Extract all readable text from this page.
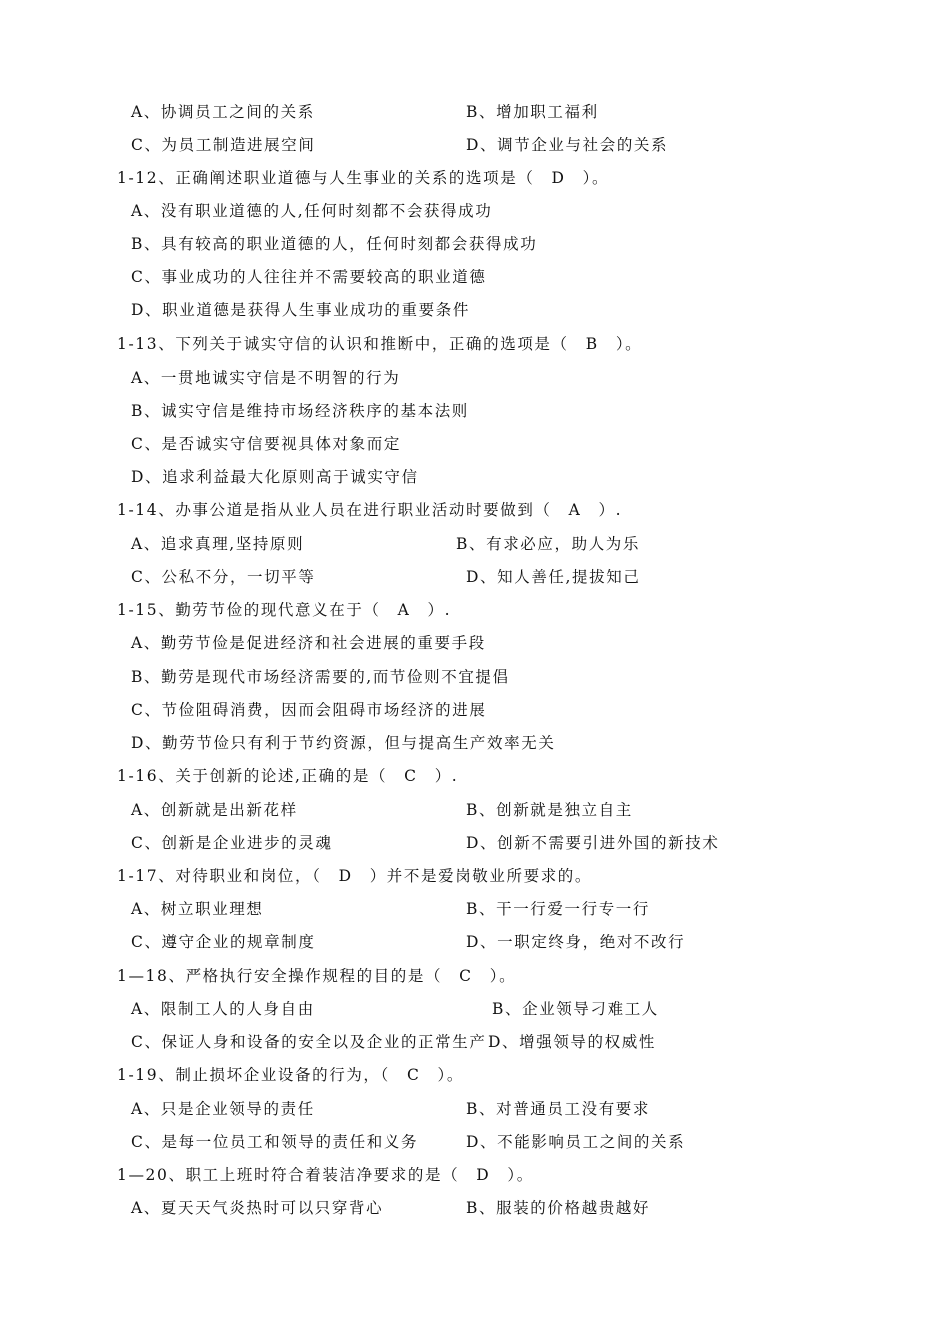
A、协调员工之间的关系	B、增加职工福利
C、为员工制造进展空间	D、调节企业与社会的关系
1-12、正确阐述职业道德与人生事业的关系的选项是（　D　）。
A、没有职业道德的人,任何时刻都不会获得成功
B、具有较高的职业道德的人，任何时刻都会获得成功
C、事业成功的人往往并不需要较高的职业道德
D、职业道德是获得人生事业成功的重要条件
1-13、下列关于诚实守信的认识和推断中，正确的选项是（　B　）。
A、一贯地诚实守信是不明智的行为
B、诚实守信是维持市场经济秩序的基本法则
C、是否诚实守信要视具体对象而定
D、追求利益最大化原则高于诚实守信
1-14、办事公道是指从业人员在进行职业活动时要做到（　A　）.
A、追求真理,坚持原则	B、有求必应，助人为乐
C、公私不分，一切平等	D、知人善任,提拔知己
1-15、勤劳节俭的现代意义在于（　A　）.
A、勤劳节俭是促进经济和社会进展的重要手段
B、勤劳是现代市场经济需要的,而节俭则不宜提倡
C、节俭阻碍消费，因而会阻碍市场经济的进展
D、勤劳节俭只有利于节约资源，但与提高生产效率无关
1-16、关于创新的论述,正确的是（　C　）.
A、创新就是出新花样	B、创新就是独立自主
C、创新是企业进步的灵魂	D、创新不需要引进外国的新技术
1-17、对待职业和岗位，（　D　）并不是爱岗敬业所要求的。
A、树立职业理想	B、干一行爱一行专一行
C、遵守企业的规章制度	D、一职定终身，绝对不改行
1—18、严格执行安全操作规程的目的是（　C　）。
A、限制工人的人身自由	B、企业领导刁难工人
C、保证人身和设备的安全以及企业的正常生产 D、增强领导的权威性
1-19、制止损坏企业设备的行为，（　C　）。
A、只是企业领导的责任	B、对普通员工没有要求
C、是每一位员工和领导的责任和义务	D、不能影响员工之间的关系
1—20、职工上班时符合着装洁净要求的是（　D　）。
A、夏天天气炎热时可以只穿背心	B、服装的价格越贵越好
